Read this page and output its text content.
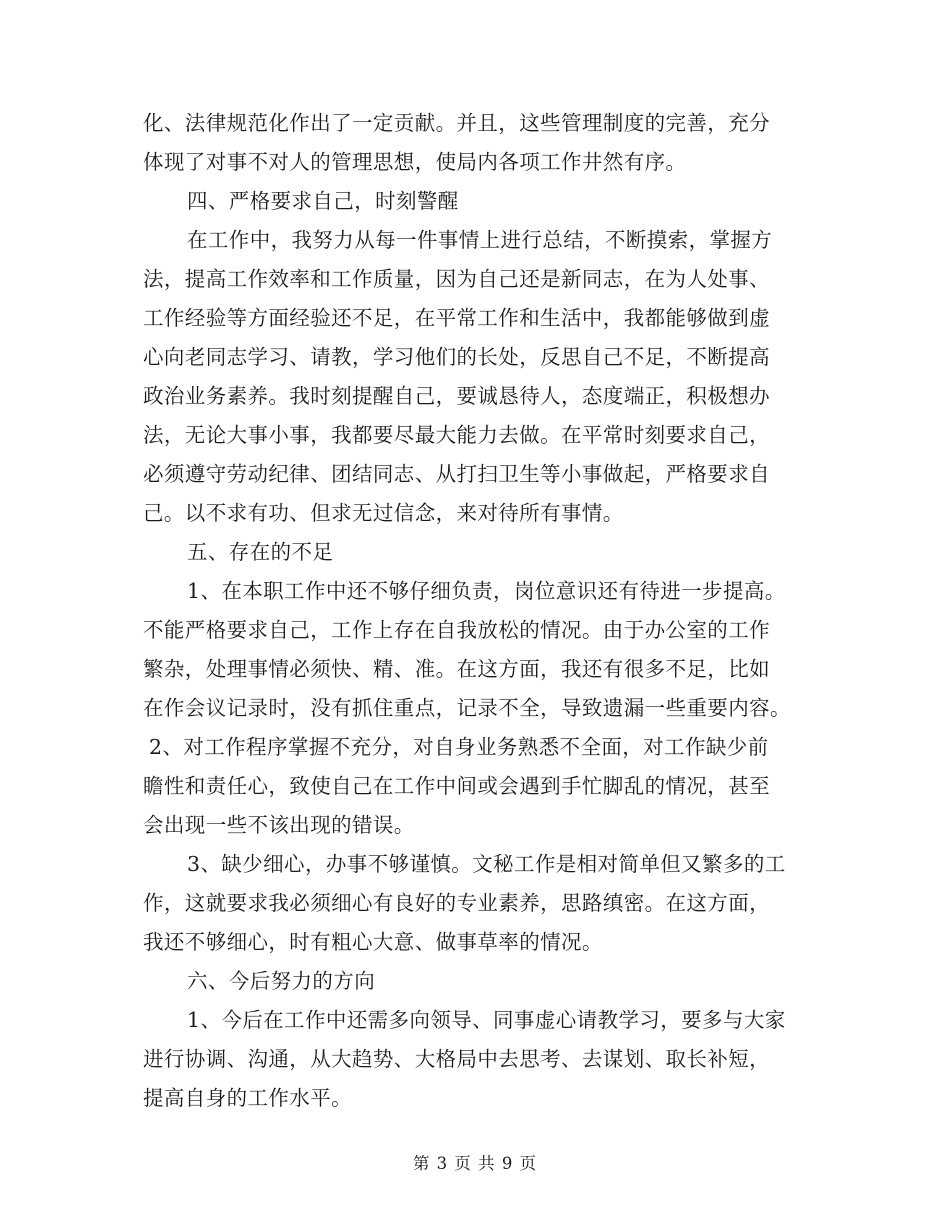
化、法律规范化作出了一定贡献。并且，这些管理制度的完善，充分
体现了对事不对人的管理思想，使局内各项工作井然有序。
四、严格要求自己，时刻警醒
在工作中，我努力从每一件事情上进行总结，不断摸索，掌握方
法，提高工作效率和工作质量，因为自己还是新同志，在为人处事、
工作经验等方面经验还不足，在平常工作和生活中，我都能够做到虚
心向老同志学习、请教，学习他们的长处，反思自己不足，不断提高
政治业务素养。我时刻提醒自己，要诚恳待人，态度端正，积极想办
法，无论大事小事，我都要尽最大能力去做。在平常时刻要求自己，
必须遵守劳动纪律、团结同志、从打扫卫生等小事做起，严格要求自
己。以不求有功、但求无过信念，来对待所有事情。
五、存在的不足
1、在本职工作中还不够仔细负责，岗位意识还有待进一步提高。
不能严格要求自己，工作上存在自我放松的情况。由于办公室的工作
繁杂，处理事情必须快、精、准。在这方面，我还有很多不足，比如
在作会议记录时，没有抓住重点，记录不全，导致遗漏一些重要内容。
2、对工作程序掌握不充分，对自身业务熟悉不全面，对工作缺少前
瞻性和责任心，致使自己在工作中间或会遇到手忙脚乱的情况，甚至
会出现一些不该出现的错误。
3、缺少细心，办事不够谨慎。文秘工作是相对简单但又繁多的工
作，这就要求我必须细心有良好的专业素养，思路缜密。在这方面，
我还不够细心，时有粗心大意、做事草率的情况。
六、今后努力的方向
1、今后在工作中还需多向领导、同事虚心请教学习，要多与大家
进行协调、沟通，从大趋势、大格局中去思考、去谋划、取长补短，
提高自身的工作水平。
第 3 页 共 9 页
